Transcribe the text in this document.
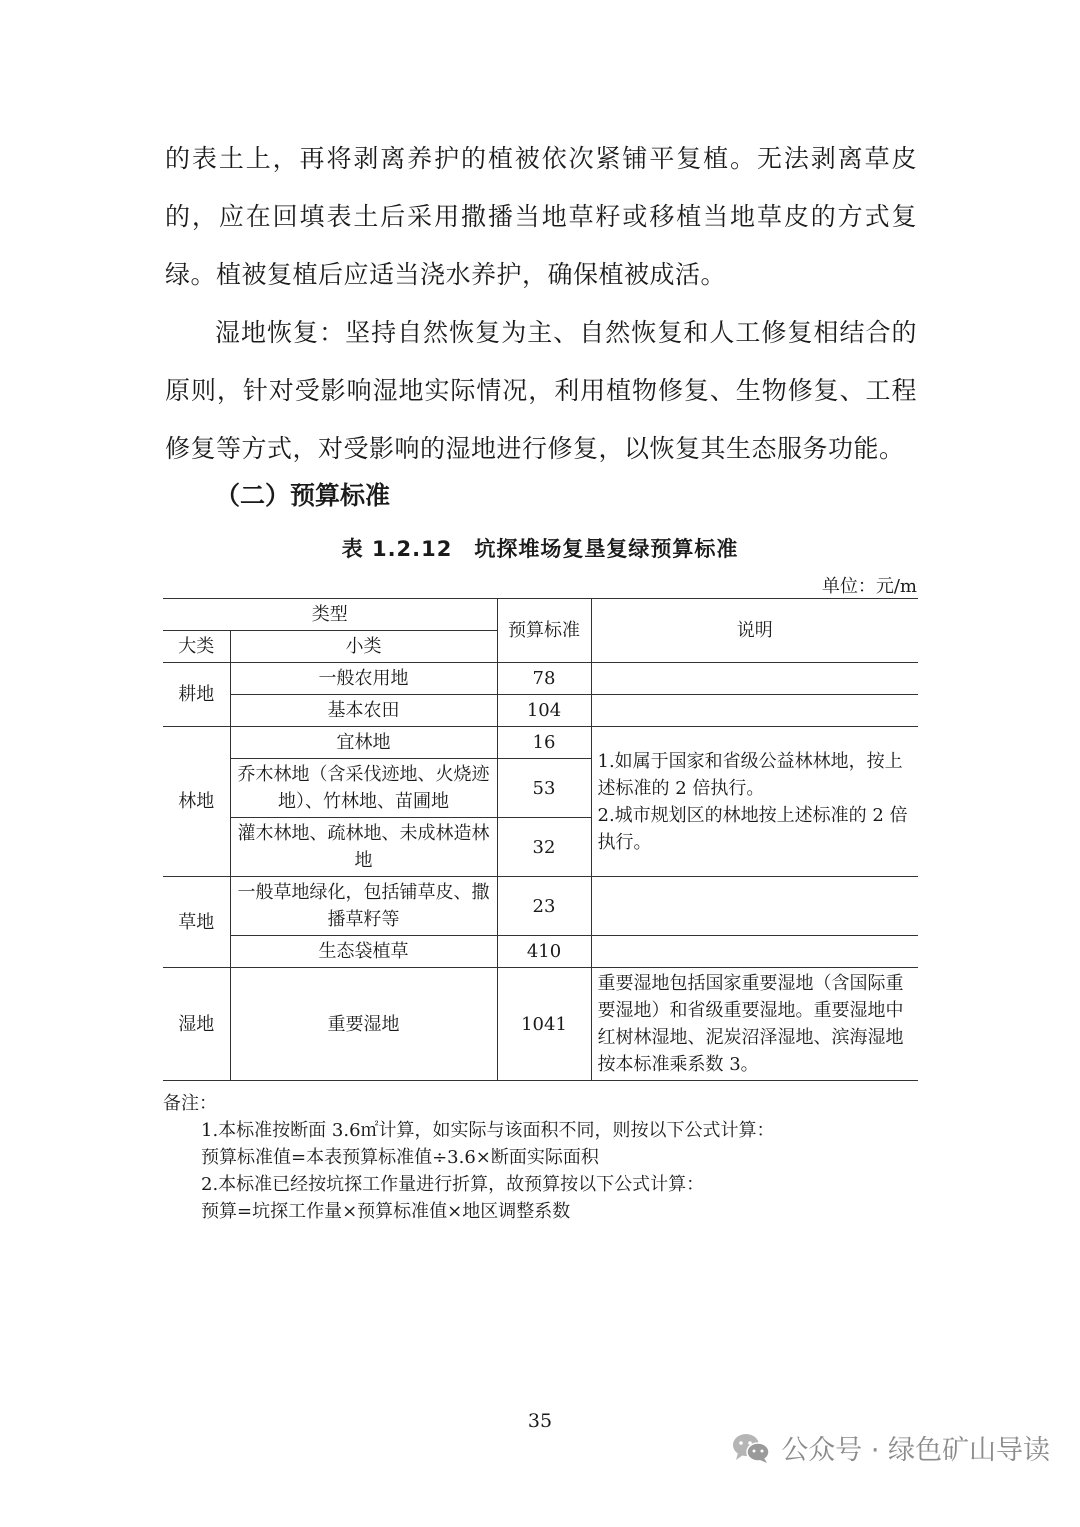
的表土上，再将剥离养护的植被依次紧铺平复植。无法剥离草皮的，应在回填表土后采用撒播当地草籽或移植当地草皮的方式复绿。植被复植后应适当浇水养护，确保植被成活。

湿地恢复：坚持自然恢复为主、自然恢复和人工修复相结合的原则，针对受影响湿地实际情况，利用植物修复、生物修复、工程修复等方式，对受影响的湿地进行修复，以恢复其生态服务功能。

（二）预算标准
表 1.2.12　坑探堆场复垦复绿预算标准
单位：元/m
类型		预算标准	说明
大类	小类		
耕地	一般农用地	78	
	基本农田	104	
林地	宜林地	16	1.如属于国家和省级公益林林地，按上述标准的 2 倍执行。
2.城市规划区的林地按上述标准的 2 倍执行。

	乔木林地（含采伐迹地、火烧迹地）、竹林地、苗圃地	53	
	灌木林地、疏林地、未成林造林地	32	
草地	一般草地绿化，包括铺草皮、撒播草籽等	23	
	生态袋植草	410	
湿地	重要湿地	1041	重要湿地包括国家重要湿地（含国际重要湿地）和省级重要湿地。重要湿地中红树林湿地、泥炭沼泽湿地、滨海湿地按本标准乘系数 3。
备注：
1.本标准按断面 3.6㎡计算，如实际与该面积不同，则按以下公式计算：
预算标准值=本表预算标准值÷3.6×断面实际面积
2.本标准已经按坑探工作量进行折算，故预算按以下公式计算：
预算=坑探工作量×预算标准值×地区调整系数
35
公众号 · 绿色矿山导读
